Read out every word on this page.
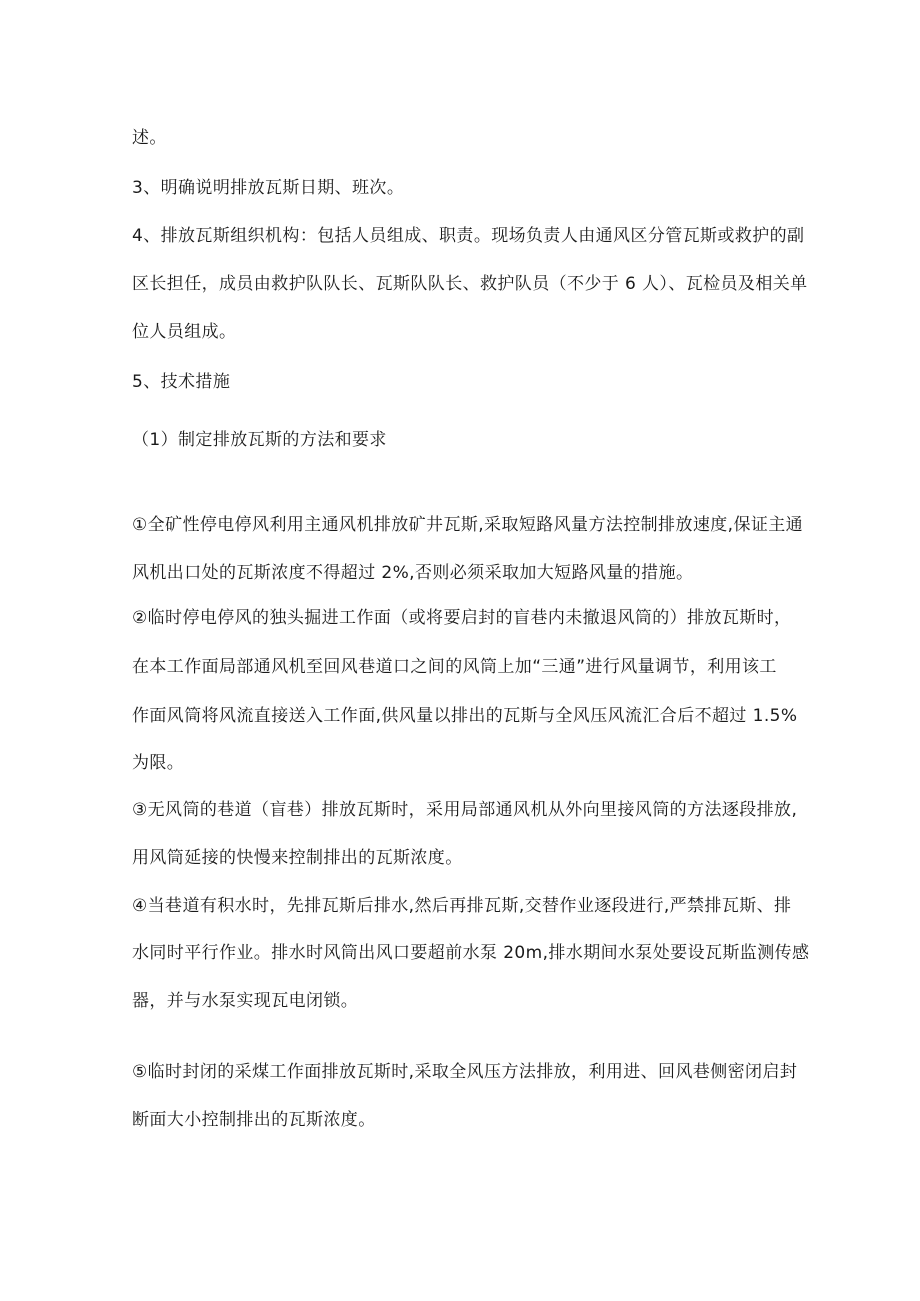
述。
3、明确说明排放瓦斯日期、班次。
4、排放瓦斯组织机构：包括人员组成、职责。现场负责人由通风区分管瓦斯或救护的副
区长担任，成员由救护队队长、瓦斯队队长、救护队员（不少于 6 人）、瓦检员及相关单
位人员组成。
5、技术措施
（1）制定排放瓦斯的方法和要求
①全矿性停电停风利用主通风机排放矿井瓦斯,采取短路风量方法控制排放速度,保证主通
风机出口处的瓦斯浓度不得超过 2%,否则必须采取加大短路风量的措施。
②临时停电停风的独头掘进工作面（或将要启封的盲巷内未撤退风筒的）排放瓦斯时，
在本工作面局部通风机至回风巷道口之间的风筒上加“三通”进行风量调节，利用该工
作面风筒将风流直接送入工作面,供风量以排出的瓦斯与全风压风流汇合后不超过 1.5%
为限。
③无风筒的巷道（盲巷）排放瓦斯时，采用局部通风机从外向里接风筒的方法逐段排放,
用风筒延接的快慢来控制排出的瓦斯浓度。
④当巷道有积水时，先排瓦斯后排水,然后再排瓦斯,交替作业逐段进行,严禁排瓦斯、排
水同时平行作业。排水时风筒出风口要超前水泵 20m,排水期间水泵处要设瓦斯监测传感
器，并与水泵实现瓦电闭锁。
⑤临时封闭的采煤工作面排放瓦斯时,采取全风压方法排放，利用进、回风巷侧密闭启封
断面大小控制排出的瓦斯浓度。
